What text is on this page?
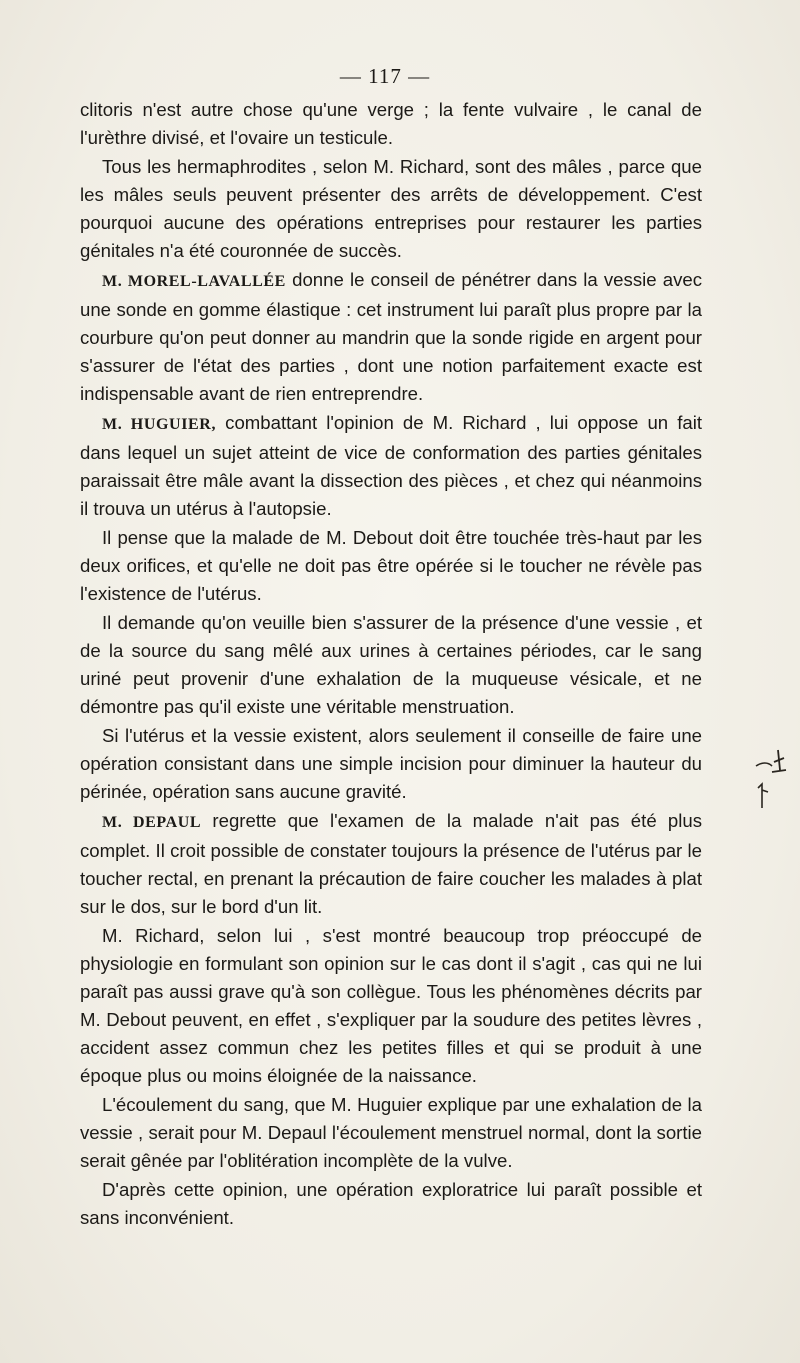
— 117 —

clitoris n'est autre chose qu'une verge ; la fente vulvaire , le canal de l'urèthre divisé, et l'ovaire un testicule.

Tous les hermaphrodites , selon M. Richard, sont des mâles , parce que les mâles seuls peuvent présenter des arrêts de développement. C'est pourquoi aucune des opérations entreprises pour restaurer les parties génitales n'a été couronnée de succès.

M. MOREL-LAVALLÉE donne le conseil de pénétrer dans la vessie avec une sonde en gomme élastique : cet instrument lui paraît plus propre par la courbure qu'on peut donner au mandrin que la sonde rigide en argent pour s'assurer de l'état des parties , dont une notion parfaitement exacte est indispensable avant de rien entreprendre.

M. HUGUIER, combattant l'opinion de M. Richard , lui oppose un fait dans lequel un sujet atteint de vice de conformation des parties génitales paraissait être mâle avant la dissection des pièces , et chez qui néanmoins il trouva un utérus à l'autopsie.

Il pense que la malade de M. Debout doit être touchée très-haut par les deux orifices, et qu'elle ne doit pas être opérée si le toucher ne révèle pas l'existence de l'utérus.

Il demande qu'on veuille bien s'assurer de la présence d'une vessie , et de la source du sang mêlé aux urines à certaines périodes, car le sang uriné peut provenir d'une exhalation de la muqueuse vésicale, et ne démontre pas qu'il existe une véritable menstruation.

Si l'utérus et la vessie existent, alors seulement il conseille de faire une opération consistant dans une simple incision pour diminuer la hauteur du périnée, opération sans aucune gravité.

M. DEPAUL regrette que l'examen de la malade n'ait pas été plus complet. Il croit possible de constater toujours la présence de l'utérus par le toucher rectal, en prenant la précaution de faire coucher les malades à plat sur le dos, sur le bord d'un lit.

M. Richard, selon lui , s'est montré beaucoup trop préoccupé de physiologie en formulant son opinion sur le cas dont il s'agit , cas qui ne lui paraît pas aussi grave qu'à son collègue. Tous les phénomènes décrits par M. Debout peuvent, en effet , s'expliquer par la soudure des petites lèvres , accident assez commun chez les petites filles et qui se produit à une époque plus ou moins éloignée de la naissance.

L'écoulement du sang, que M. Huguier explique par une exhalation de la vessie , serait pour M. Depaul l'écoulement menstruel normal, dont la sortie serait gênée par l'oblitération incomplète de la vulve.

D'après cette opinion, une opération exploratrice lui paraît possible et sans inconvénient.
